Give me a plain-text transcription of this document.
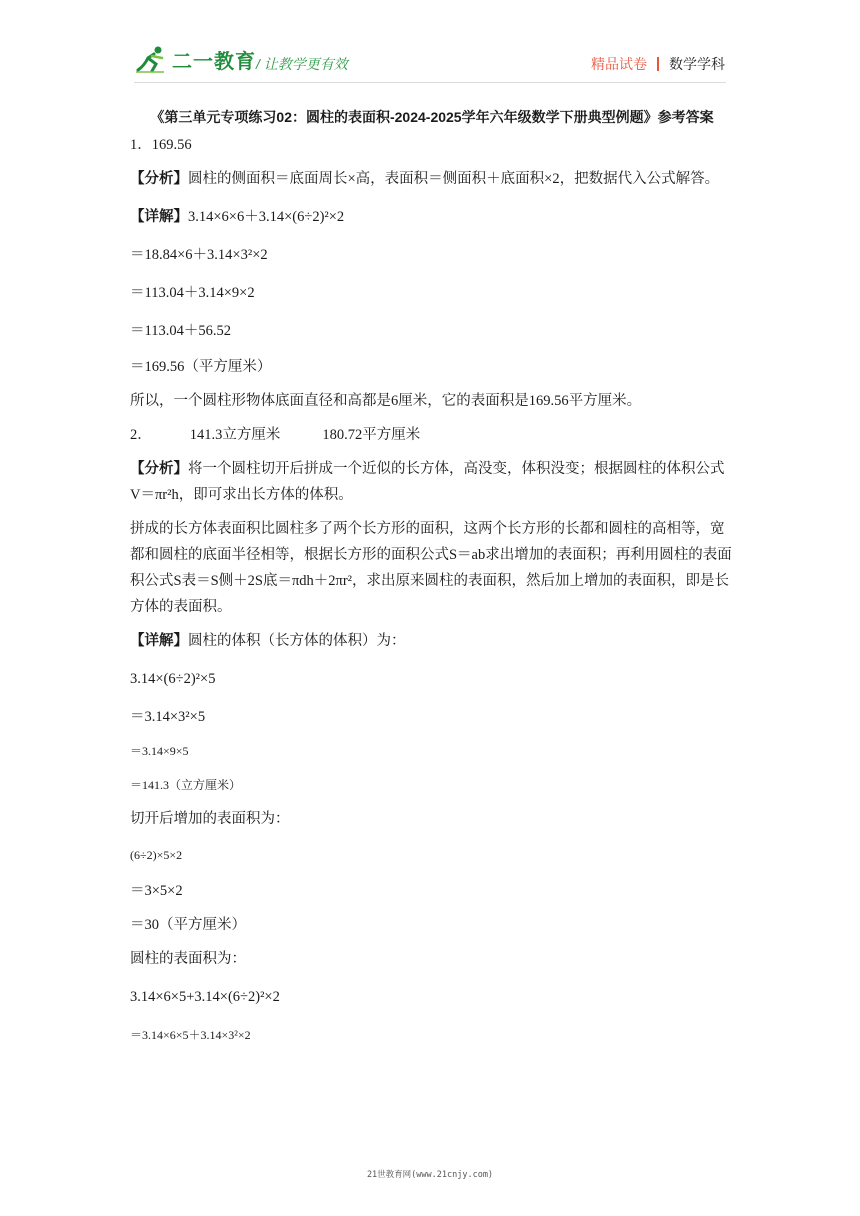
二一教育 / 让教学更有效	精品试卷 数学学科
《第三单元专项练习02：圆柱的表面积-2024-2025学年六年级数学下册典型例题》参考答案

1．169.56

【分析】圆柱的侧面积＝底面周长×高，表面积＝侧面积＋底面积×2，把数据代入公式解答。

【详解】3.14×6×6＋3.14×(6÷2)²×2

＝18.84×6＋3.14×3²×2

＝113.04＋3.14×9×2

＝113.04＋56.52

＝169.56（平方厘米）

所以，一个圆柱形物体底面直径和高都是6厘米，它的表面积是169.56平方厘米。

2．	141.3立方厘米	180.72平方厘米

【分析】将一个圆柱切开后拼成一个近似的长方体，高没变，体积没变；根据圆柱的体积公式V＝πr²h，即可求出长方体的体积。

拼成的长方体表面积比圆柱多了两个长方形的面积，这两个长方形的长都和圆柱的高相等，宽都和圆柱的底面半径相等，根据长方形的面积公式S＝ab求出增加的表面积；再利用圆柱的表面积公式S表＝S侧＋2S底＝πdh＋2πr²，求出原来圆柱的表面积，然后加上增加的表面积，即是长方体的表面积。

【详解】圆柱的体积（长方体的体积）为：

3.14×(6÷2)²×5

＝3.14×3²×5

＝3.14×9×5

＝141.3（立方厘米）

切开后增加的表面积为：

(6÷2)×5×2

＝3×5×2

＝30（平方厘米）

圆柱的表面积为：

3.14×6×5+3.14×(6÷2)²×2

＝3.14×6×5＋3.14×3²×2

21世教育网(www.21cnjy.com)
